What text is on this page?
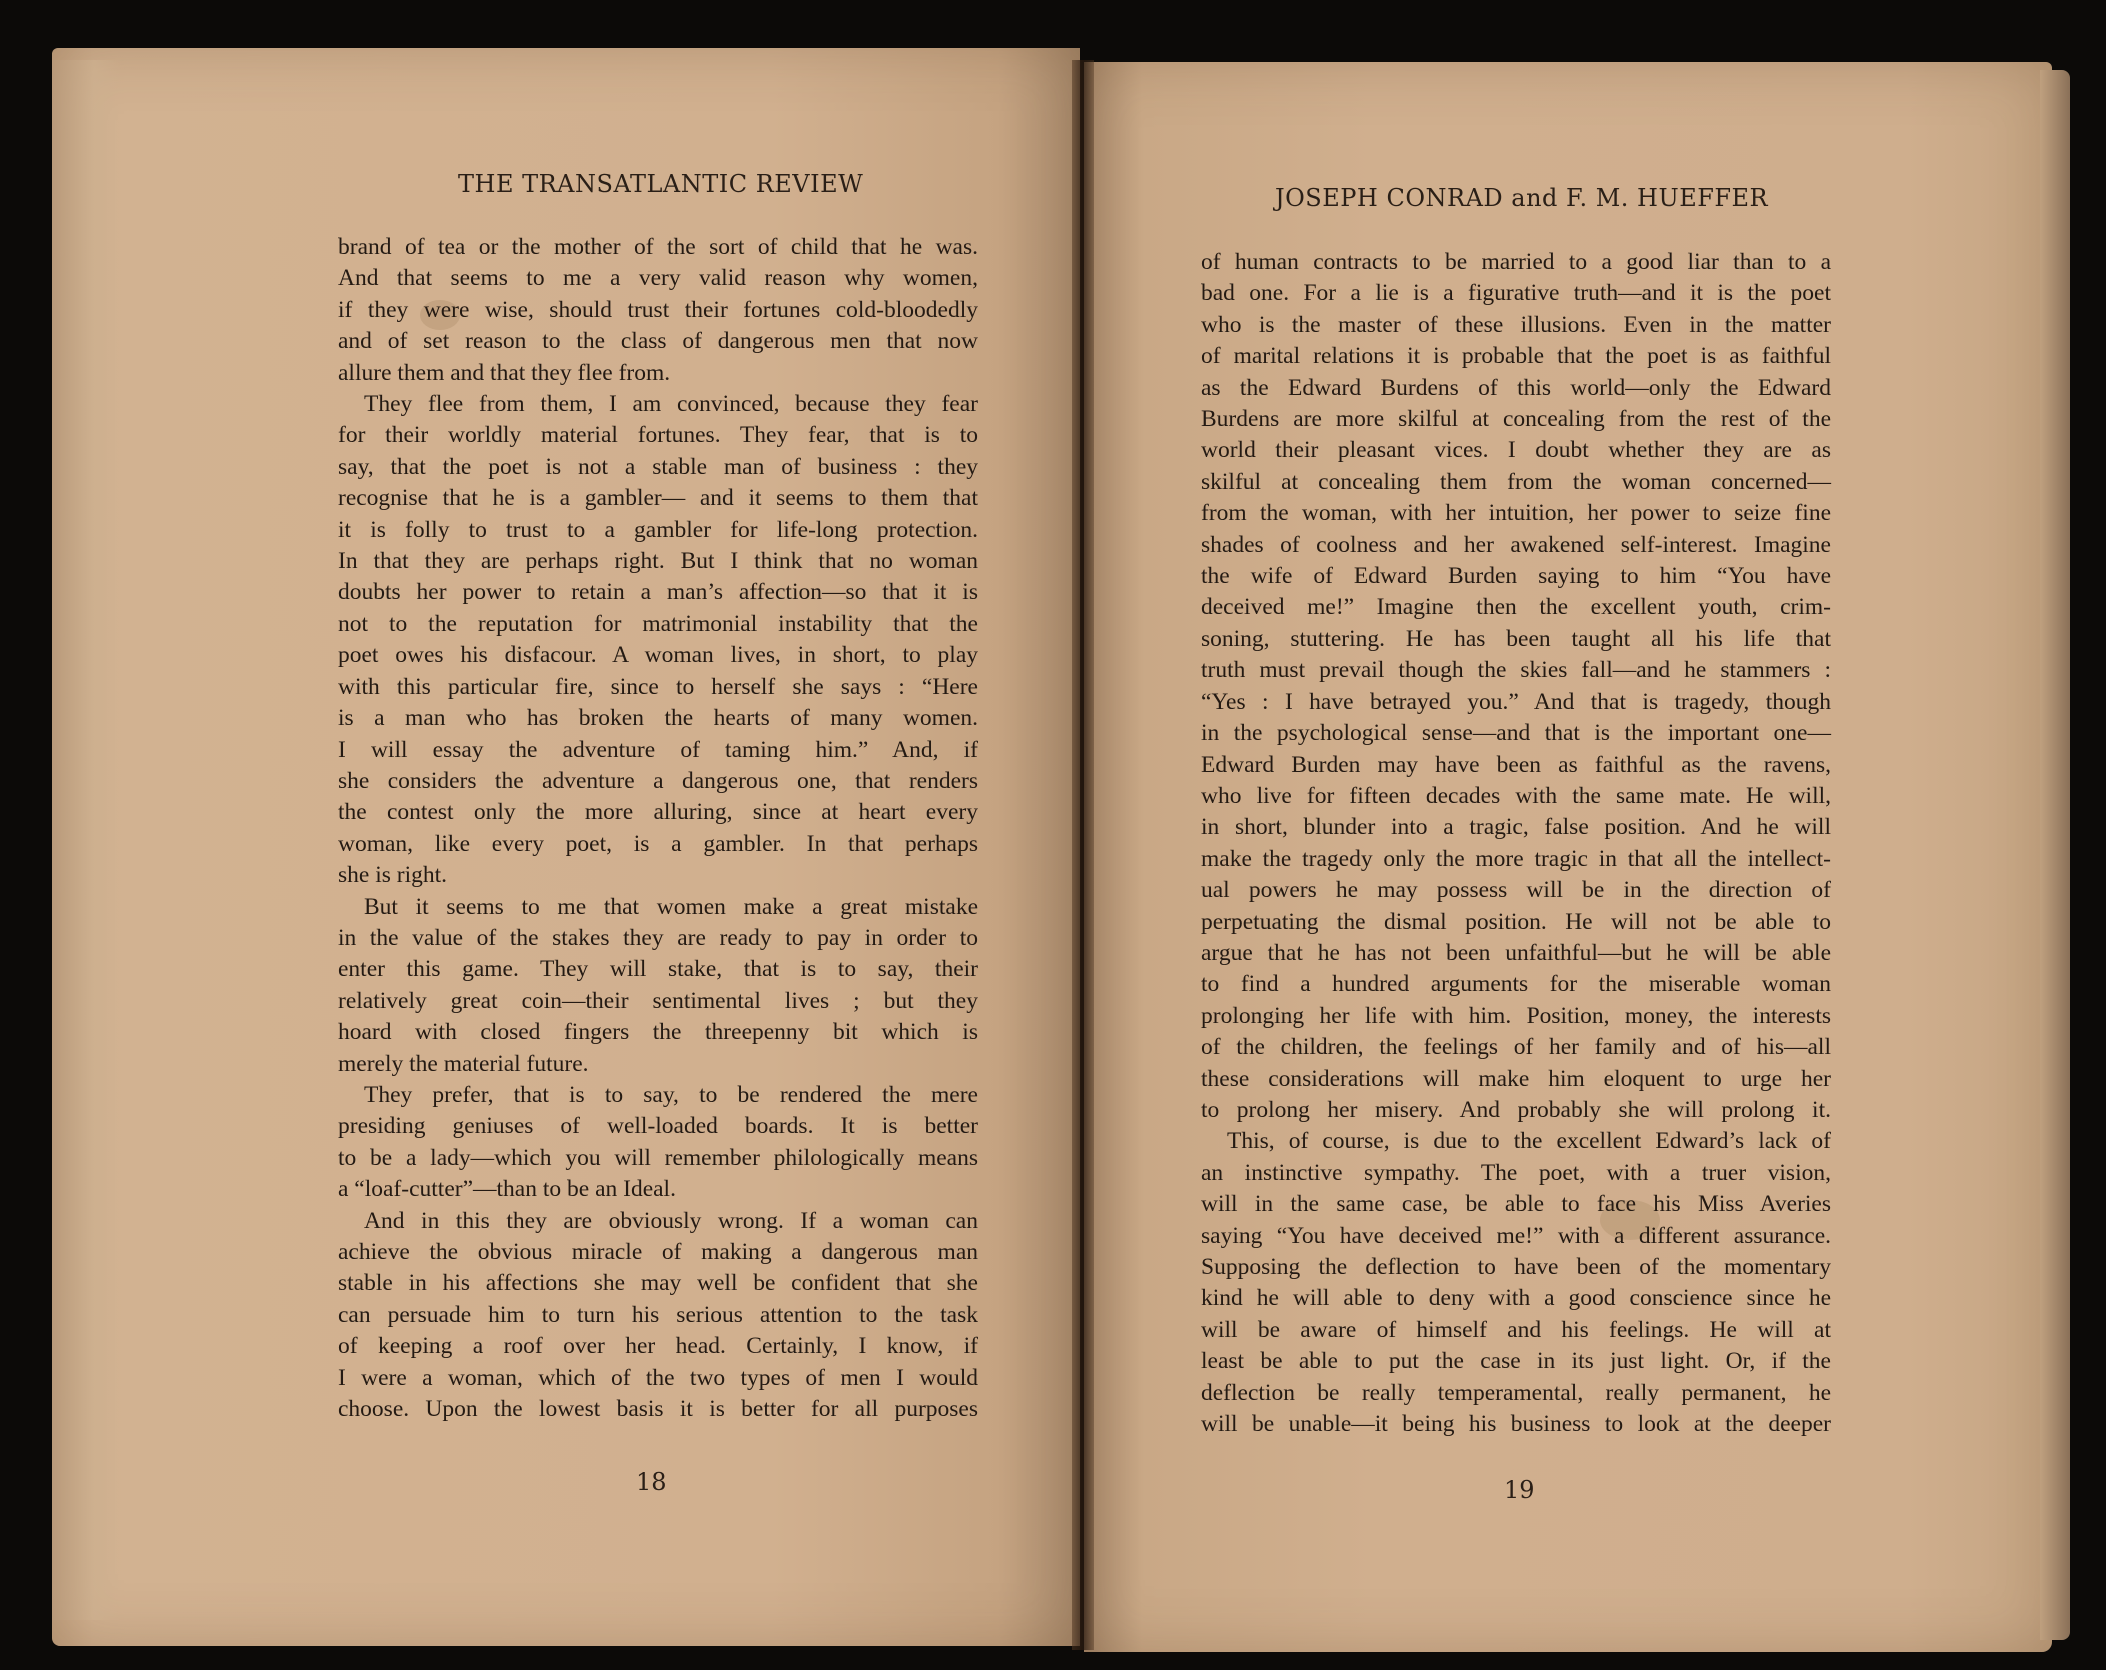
THE TRANSATLANTIC REVIEW	JOSEPH CONRAD and F. M. HUEFFER
brand of tea or the mother of the sort of child that he was.
And that seems to me a very valid reason why women,
if they were wise, should trust their fortunes cold-bloodedly
and of set reason to the class of dangerous men that now
allure them and that they flee from.
They flee from them, I am convinced, because they fear
for their worldly material fortunes. They fear, that is to
say, that the poet is not a stable man of business : they
recognise that he is a gambler— and it seems to them that
it is folly to trust to a gambler for life-long protection.
In that they are perhaps right. But I think that no woman
doubts her power to retain a man’s affection—so that it is
not to the reputation for matrimonial instability that the
poet owes his disfacour. A woman lives, in short, to play
with this particular fire, since to herself she says : “Here
is a man who has broken the hearts of many women.
I will essay the adventure of taming him.” And, if
she considers the adventure a dangerous one, that renders
the contest only the more alluring, since at heart every
woman, like every poet, is a gambler. In that perhaps
she is right.
But it seems to me that women make a great mistake
in the value of the stakes they are ready to pay in order to
enter this game. They will stake, that is to say, their
relatively great coin—their sentimental lives ; but they
hoard with closed fingers the threepenny bit which is
merely the material future.
They prefer, that is to say, to be rendered the mere
presiding geniuses of well-loaded boards. It is better
to be a lady—which you will remember philologically means
a “loaf-cutter”—than to be an Ideal.
And in this they are obviously wrong. If a woman can
achieve the obvious miracle of making a dangerous man
stable in his affections she may well be confident that she
can persuade him to turn his serious attention to the task
of keeping a roof over her head. Certainly, I know, if
I were a woman, which of the two types of men I would
choose. Upon the lowest basis it is better for all purposes
of human contracts to be married to a good liar than to a
bad one. For a lie is a figurative truth—and it is the poet
who is the master of these illusions. Even in the matter
of marital relations it is probable that the poet is as faithful
as the Edward Burdens of this world—only the Edward
Burdens are more skilful at concealing from the rest of the
world their pleasant vices. I doubt whether they are as
skilful at concealing them from the woman concerned—
from the woman, with her intuition, her power to seize fine
shades of coolness and her awakened self-interest. Imagine
the wife of Edward Burden saying to him “You have
deceived me!” Imagine then the excellent youth, crim-
soning, stuttering. He has been taught all his life that
truth must prevail though the skies fall—and he stammers :
“Yes : I have betrayed you.” And that is tragedy, though
in the psychological sense—and that is the important one—
Edward Burden may have been as faithful as the ravens,
who live for fifteen decades with the same mate. He will,
in short, blunder into a tragic, false position. And he will
make the tragedy only the more tragic in that all the intellect-
ual powers he may possess will be in the direction of
perpetuating the dismal position. He will not be able to
argue that he has not been unfaithful—but he will be able
to find a hundred arguments for the miserable woman
prolonging her life with him. Position, money, the interests
of the children, the feelings of her family and of his—all
these considerations will make him eloquent to urge her
to prolong her misery. And probably she will prolong it.
This, of course, is due to the excellent Edward’s lack of
an instinctive sympathy. The poet, with a truer vision,
will in the same case, be able to face his Miss Averies
saying “You have deceived me!” with a different assurance.
Supposing the deflection to have been of the momentary
kind he will able to deny with a good conscience since he
will be aware of himself and his feelings. He will at
least be able to put the case in its just light. Or, if the
deflection be really temperamental, really permanent, he
will be unable—it being his business to look at the deeper
18	19
